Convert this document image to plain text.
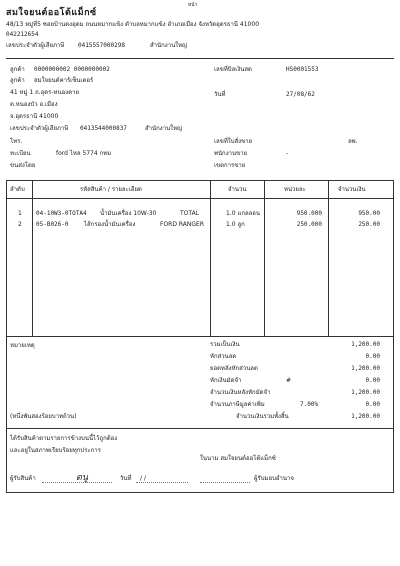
หน้า
สมใจยนต์ออโต้แม็กซ์
48/13 หมู่ที่5 ซอยบ้านดงอุดม ถนนหมากแข้ง ตำบลหมากแข้ง อำเภอเมือง จังหวัดอุดรธานี 41000
042212654
เลขประจำตัวผู้เสียภาษี 0415557000298	สำนักงานใหญ่
ลูกค้า 0000000002 0000000002
ลูกค้า สมใจยนต์คาร์เซ็นเตอร์
41 หมู่ 1 ถ.อุดร-หนองคาย
ต.หนองบัว อ.เมือง
จ.อุดรธานี 41000
เลขประจำตัวผู้เสียภาษี 0413544000837	สำนักงานใหญ่
โทร.
ทะเบียน	ford ไหล 5774 กทม
ขนส่งโดย
เลขที่บิลเงินสด	HS0001553
วันที่	27/08/62
เลขที่ใบสั่งขาย	ลพ.
พนักงานขาย	-
เขตการขาย
ลำดับ	รหัสสินค้า / รายละเอียด	จำนวน	หน่วยละ	จำนวนเงิน
1 04-10W3-0TOTA4 น้ำมันเครื่อง 10W-30	TOTAL	1.0 แกลลอน	950.000	950.00
2 05-B026-0	ไส้กรองน้ำมันเครื่อง	FORD RANGER	1.0 ลูก	250.000	250.00
หมายเหตุ	รวมเป็นเงิน	1,200.00
หักส่วนลด	0.00
ยอดหลังหักส่วนลด	1,200.00
หักเงินมัดจำ	#	0.00
จำนวนเงินหลังหักมัดจำ	1,200.00
จำนวนภาษีมูลค่าเพิ่ม	7.00%	0.00
(หนึ่งพันสองร้อยบาทถ้วน)	จำนวนเงินรวมทั้งสิ้น	1,200.00
ได้รับสินค้าตามรายการข้างบนนี้ไว้ถูกต้อง
และอยู่ในสภาพเรียบร้อยทุกประการ
ในนาม สมใจยนต์ออโต้แม็กซ์
ผู้รับสินค้า	ดนู	วันที่ / /	ผู้รับมอบอำนาจ
